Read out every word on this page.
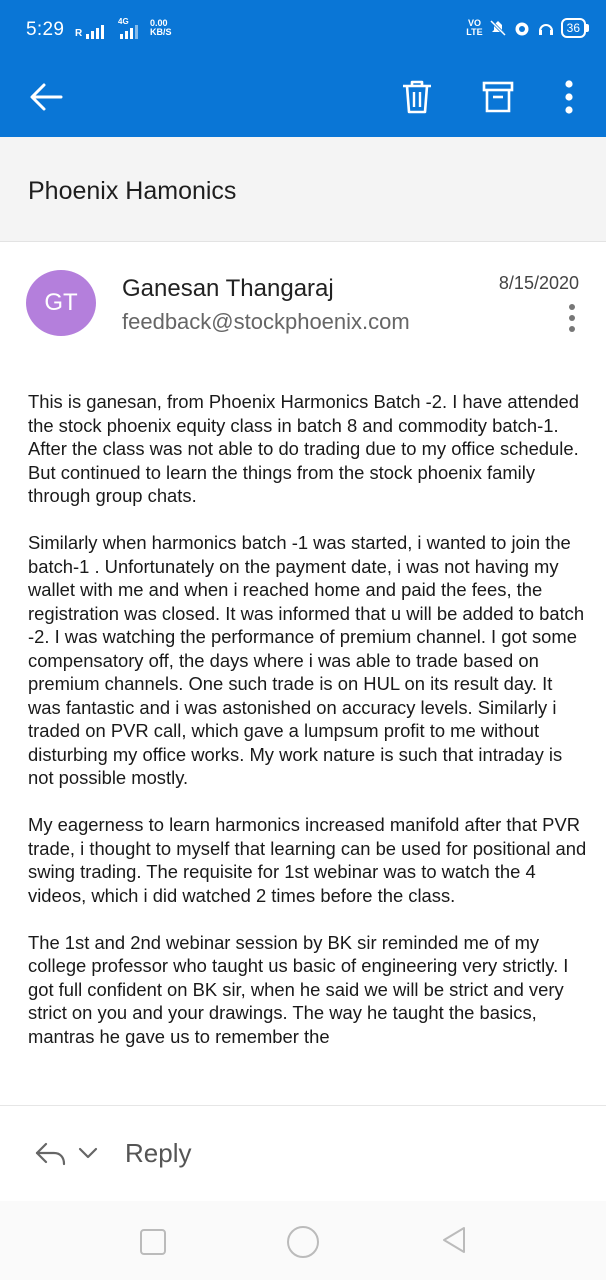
5:29 R
4G 0.00
KB/S
VO
LTE	36
Phoenix Hamonics
GT
Ganesan Thangaraj
feedback@stockphoenix.com
8/15/2020

This is ganesan, from Phoenix Harmonics Batch -2. I have attended the stock phoenix equity class in batch 8 and commodity batch-1. After the class was not able to do trading due to my office schedule. But continued to learn the things from the stock phoenix family through group chats.

Similarly when harmonics batch -1 was started, i wanted to join the batch-1 . Unfortunately on the payment date, i was not having my wallet with me and when i reached home and paid the fees, the registration was closed. It was informed that u will be added to batch -2. I was watching the performance of premium channel. I got some compensatory off, the days where i was able to trade based on premium channels. One such trade is on HUL on its result day. It was fantastic and i was astonished on accuracy levels. Similarly i traded on PVR call, which gave a lumpsum profit to me without disturbing my office works. My work nature is such that intraday is not possible mostly.

My eagerness to learn harmonics increased manifold after that PVR trade, i thought to myself that learning can be used for positional and swing trading. The requisite for 1st webinar was to watch the 4 videos, which i did watched 2 times before the class.

The 1st and 2nd webinar session by BK sir reminded me of my college professor who taught us basic of engineering very strictly. I got full confident on BK sir, when he said we will be strict and very strict on you and your drawings. The way he taught the basics, mantras he gave us to remember the

Reply
